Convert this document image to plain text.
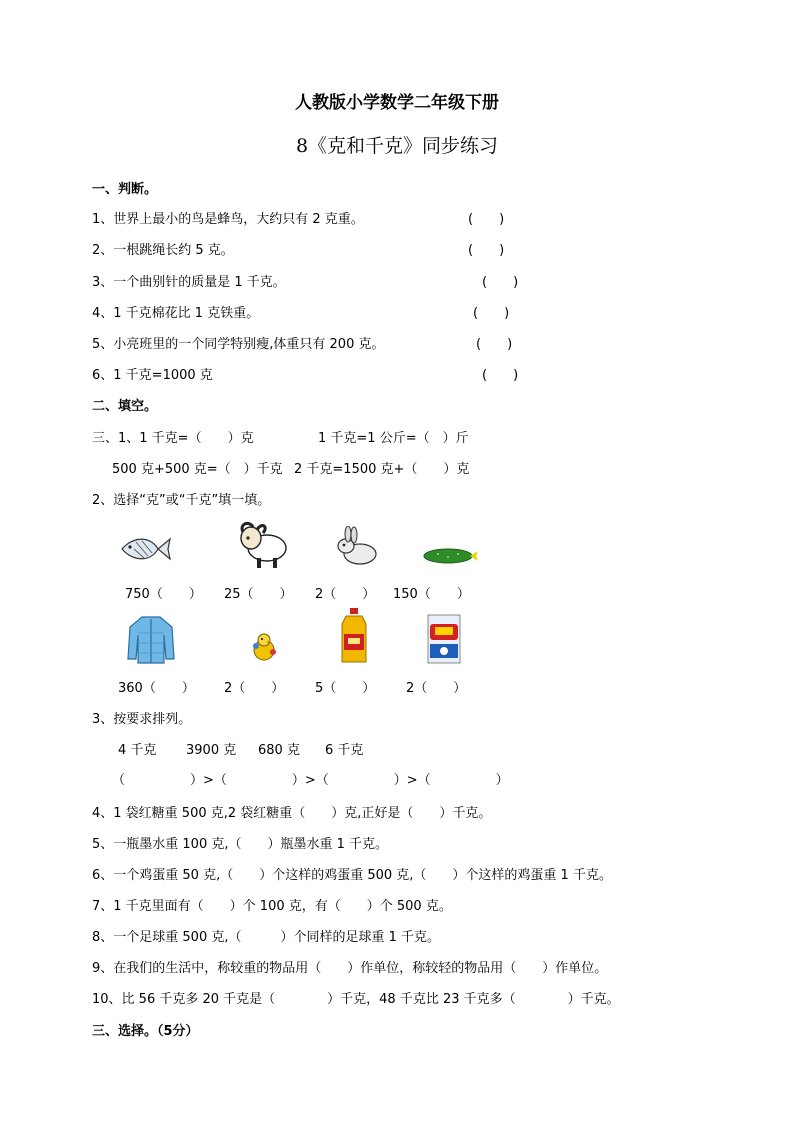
人教版小学数学二年级下册
8《克和千克》同步练习
一、判断。
1、世界上最小的鸟是蜂鸟，大约只有 2 克重。	(　　)
2、一根跳绳长约 5 克。	(　　)
3、一个曲别针的质量是 1 千克。	(　　)
4、1 千克棉花比 1 克铁重。	(　　)
5、小亮班里的一个同学特别瘦,体重只有 200 克。	(　　)
6、1 千克=1000 克	(　　)
二、填空。
三、1、1 千克=（　　）克	1 千克=1 公斤=（　）斤
500 克+500 克=（　）千克 2 千克=1500 克+（　　）克
2、选择“克”或“千克”填一填。
750（　　） 25（　　） 2（　　） 150（　　）
360（　　） 2（　　） 5（　　） 2（　　）
3、按要求排列。
4 千克 3900 克 680 克 6 千克
（　　　　　）>（　　　　　）>（　　　　　）>（　　　　　）
4、1 袋红糖重 500 克,2 袋红糖重（　　）克,正好是（　　）千克。
5、一瓶墨水重 100 克,（　　）瓶墨水重 1 千克。
6、一个鸡蛋重 50 克,（　　）个这样的鸡蛋重 500 克,（　　）个这样的鸡蛋重 1 千克。
7、1 千克里面有（　　）个 100 克，有（　　）个 500 克。
8、一个足球重 500 克,（　　　）个同样的足球重 1 千克。
9、在我们的生活中，称较重的物品用（　　）作单位，称较轻的物品用（　　）作单位。
10、比 56 千克多 20 千克是（　　　　）千克，48 千克比 23 千克多（　　　　）千克。
三、选择。（5分）
